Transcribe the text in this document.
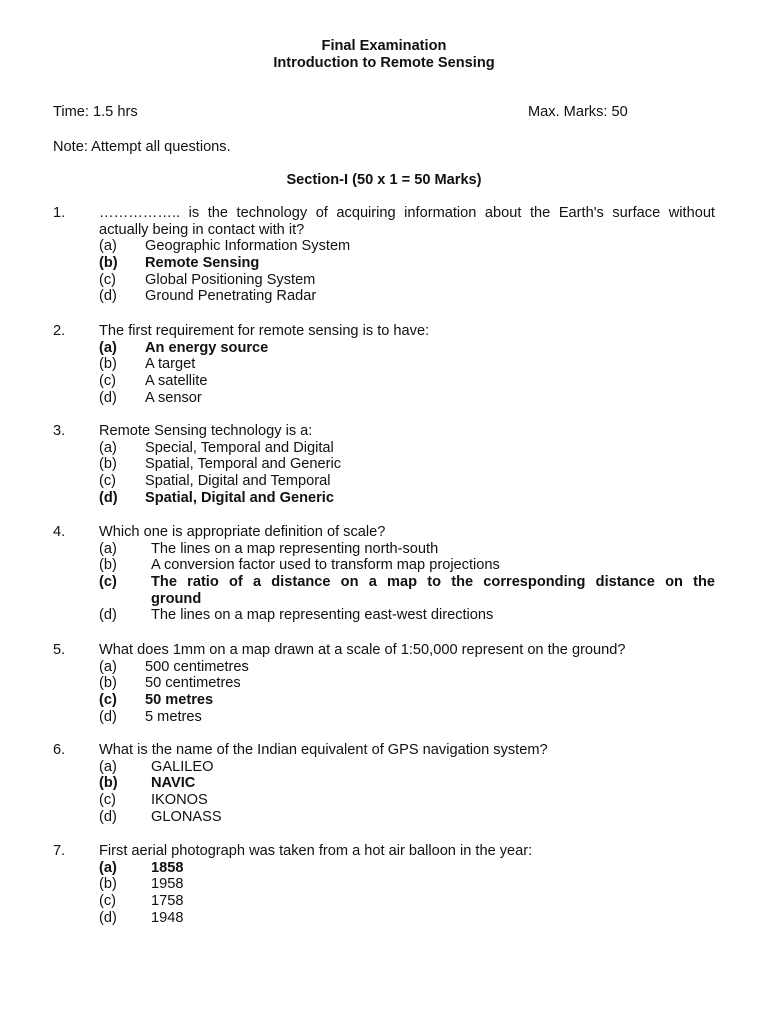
Final Examination
Introduction to Remote Sensing
Time: 1.5 hrs	Max. Marks: 50
Note: Attempt all questions.
Section-I (50 x 1 = 50 Marks)
1. …………….. is the technology of acquiring information about the Earth's surface without
actually being in contact with it?
(a) Geographic Information System
(b) Remote Sensing
(c) Global Positioning System
(d) Ground Penetrating Radar
2. The first requirement for remote sensing is to have:
(a) An energy source
(b) A target
(c) A satellite
(d) A sensor
3. Remote Sensing technology is a:
(a) Special, Temporal and Digital
(b) Spatial, Temporal and Generic
(c) Spatial, Digital and Temporal
(d) Spatial, Digital and Generic
4. Which one is appropriate definition of scale?
(a) The lines on a map representing north-south
(b) A conversion factor used to transform map projections
(c) The ratio of a distance on a map to the corresponding distance on the
ground
(d) The lines on a map representing east-west directions
5. What does 1mm on a map drawn at a scale of 1:50,000 represent on the ground?
(a) 500 centimetres
(b) 50 centimetres
(c) 50 metres
(d) 5 metres
6. What is the name of the Indian equivalent of GPS navigation system?
(a) GALILEO
(b) NAVIC
(c) IKONOS
(d) GLONASS
7. First aerial photograph was taken from a hot air balloon in the year:
(a) 1858
(b) 1958
(c) 1758
(d) 1948
